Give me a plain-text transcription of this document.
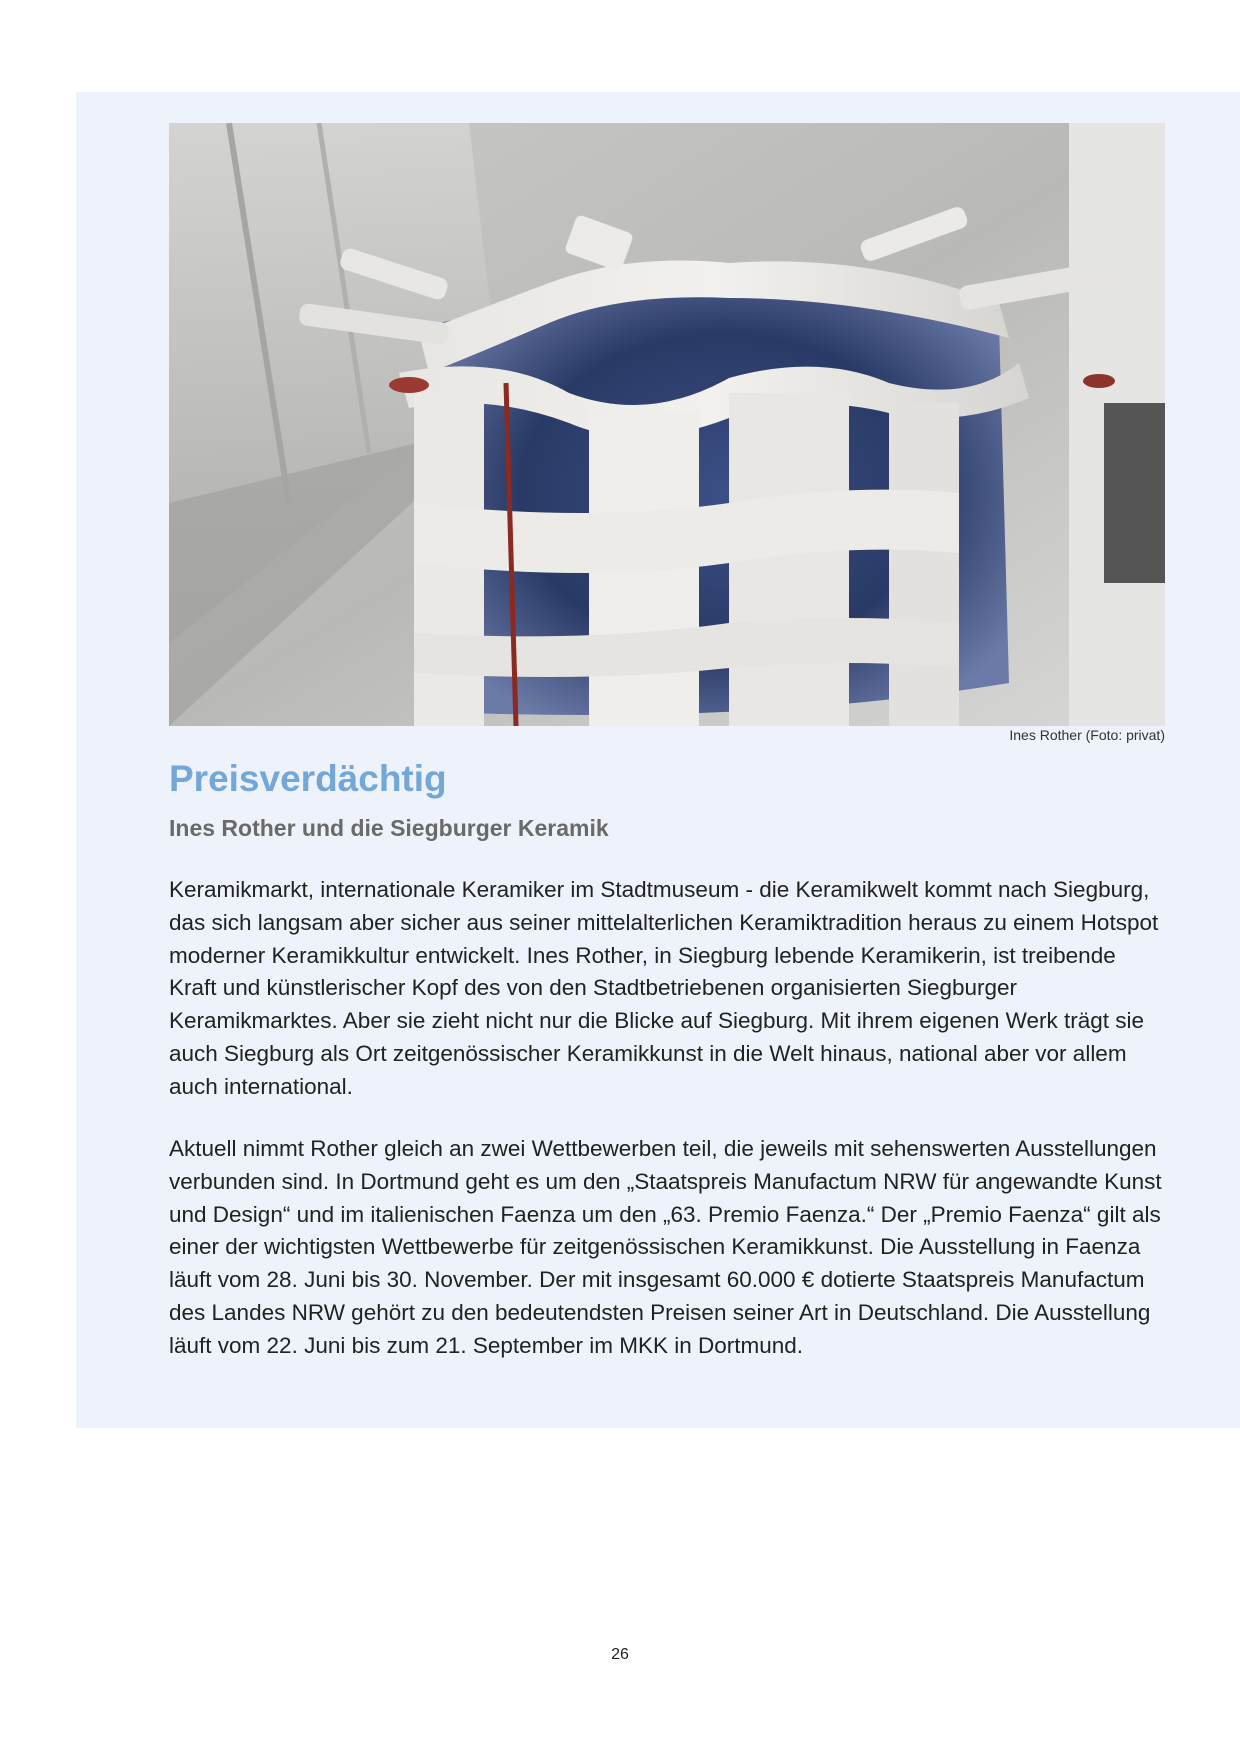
Ines Rother (Foto: privat)
Preisverdächtig
Ines Rother und die Siegburger Keramik

Keramikmarkt, internationale Keramiker im Stadtmuseum - die Keramikwelt kommt nach Siegburg, das sich langsam aber sicher aus seiner mittelalterlichen Keramiktradition heraus zu einem Hotspot moderner Keramikkultur entwickelt. Ines Rother, in Siegburg lebende Keramikerin, ist treibende Kraft und künstlerischer Kopf des von den Stadtbetriebenen organisierten Siegburger Keramikmarktes. Aber sie zieht nicht nur die Blicke auf Siegburg. Mit ihrem eigenen Werk trägt sie auch Siegburg als Ort zeitgenössischer Keramikkunst in die Welt hinaus, national aber vor allem auch international.

Aktuell nimmt Rother gleich an zwei Wettbewerben teil, die jeweils mit sehenswerten Ausstellungen verbunden sind. In Dortmund geht es um den „Staatspreis Manufactum NRW für angewandte Kunst und Design“ und im italienischen Faenza um den „63. Premio Faenza.“ Der „Premio Faenza“ gilt als einer der wichtigsten Wettbewerbe für zeitgenössischen Keramikkunst. Die Ausstellung in Faenza läuft vom 28. Juni bis 30. November. Der mit insgesamt 60.000 € dotierte Staatspreis Manufactum des Landes NRW gehört zu den bedeutendsten Preisen seiner Art in Deutschland. Die Ausstellung läuft vom 22. Juni bis zum 21. September im MKK in Dortmund.

26
